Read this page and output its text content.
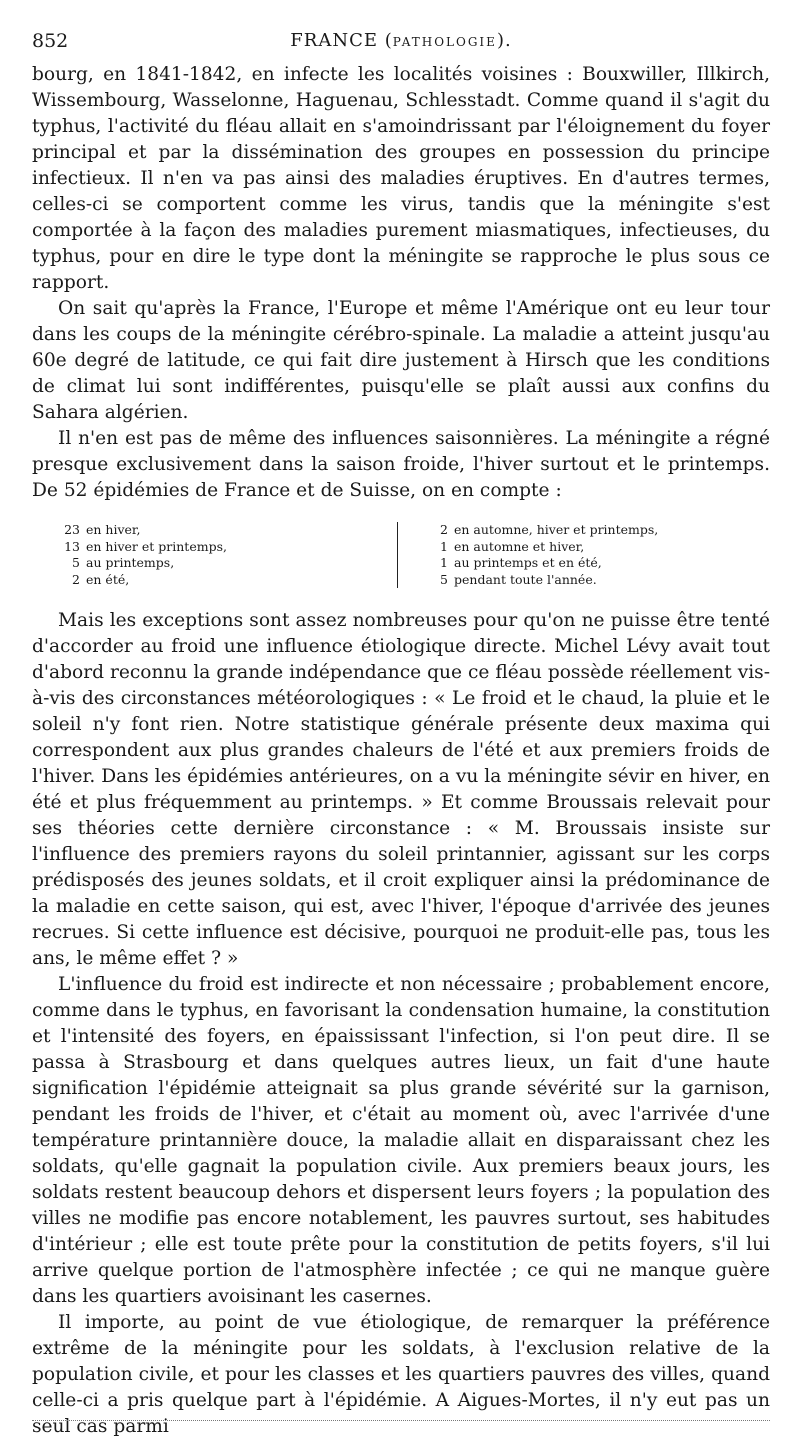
852	FRANCE (PATHOLOGIE).

bourg, en 1841-1842, en infecte les localités voisines : Bouxwiller, Illkirch, Wissembourg, Wasselonne, Haguenau, Schlesstadt. Comme quand il s'agit du typhus, l'activité du fléau allait en s'amoindrissant par l'éloignement du foyer principal et par la dissémination des groupes en possession du principe infectieux. Il n'en va pas ainsi des maladies éruptives. En d'autres termes, celles-ci se comportent comme les virus, tandis que la méningite s'est comportée à la façon des maladies purement miasmatiques, infectieuses, du typhus, pour en dire le type dont la méningite se rapproche le plus sous ce rapport.

On sait qu'après la France, l'Europe et même l'Amérique ont eu leur tour dans les coups de la méningite cérébro-spinale. La maladie a atteint jusqu'au 60e degré de latitude, ce qui fait dire justement à Hirsch que les conditions de climat lui sont indifférentes, puisqu'elle se plaît aussi aux confins du Sahara algérien.

Il n'en est pas de même des influences saisonnières. La méningite a régné presque exclusivement dans la saison froide, l'hiver surtout et le printemps. De 52 épidémies de France et de Suisse, on en compte :

23 en hiver,
13 en hiver et printemps,
5 au printemps,
2 en été,
2 en automne, hiver et printemps,
1 en automne et hiver,
1 au printemps et en été,
5 pendant toute l'année.

Mais les exceptions sont assez nombreuses pour qu'on ne puisse être tenté d'accorder au froid une influence étiologique directe. Michel Lévy avait tout d'abord reconnu la grande indépendance que ce fléau possède réellement vis-à-vis des circonstances météorologiques : « Le froid et le chaud, la pluie et le soleil n'y font rien. Notre statistique générale présente deux maxima qui correspondent aux plus grandes chaleurs de l'été et aux premiers froids de l'hiver. Dans les épidémies antérieures, on a vu la méningite sévir en hiver, en été et plus fréquemment au printemps. » Et comme Broussais relevait pour ses théories cette dernière circonstance : « M. Broussais insiste sur l'influence des premiers rayons du soleil printannier, agissant sur les corps prédisposés des jeunes soldats, et il croit expliquer ainsi la prédominance de la maladie en cette saison, qui est, avec l'hiver, l'époque d'arrivée des jeunes recrues. Si cette influence est décisive, pourquoi ne produit-elle pas, tous les ans, le même effet ? »

L'influence du froid est indirecte et non nécessaire ; probablement encore, comme dans le typhus, en favorisant la condensation humaine, la constitution et l'intensité des foyers, en épaississant l'infection, si l'on peut dire. Il se passa à Strasbourg et dans quelques autres lieux, un fait d'une haute signification l'épidémie atteignait sa plus grande sévérité sur la garnison, pendant les froids de l'hiver, et c'était au moment où, avec l'arrivée d'une température printannière douce, la maladie allait en disparaissant chez les soldats, qu'elle gagnait la population civile. Aux premiers beaux jours, les soldats restent beaucoup dehors et dispersent leurs foyers ; la population des villes ne modifie pas encore notablement, les pauvres surtout, ses habitudes d'intérieur ; elle est toute prête pour la constitution de petits foyers, s'il lui arrive quelque portion de l'atmosphère infectée ; ce qui ne manque guère dans les quartiers avoisinant les casernes.

Il importe, au point de vue étiologique, de remarquer la préférence extrême de la méningite pour les soldats, à l'exclusion relative de la population civile, et pour les classes et les quartiers pauvres des villes, quand celle-ci a pris quelque part à l'épidémie. A Aigues-Mortes, il n'y eut pas un seul cas parmi
